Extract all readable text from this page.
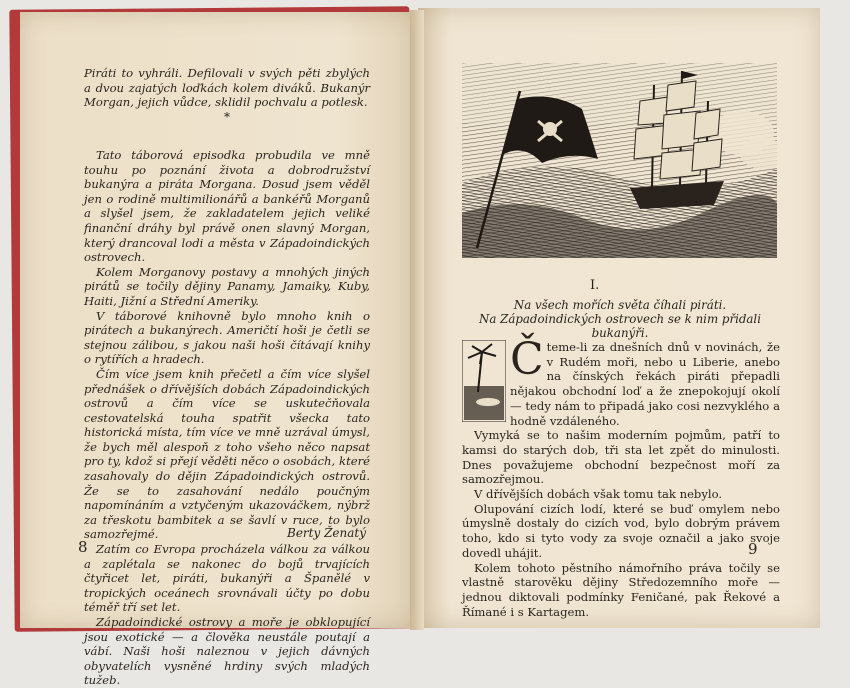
Piráti to vyhráli. Defilovali v svých pěti zbylých a dvou zajatých loďkách kolem diváků. Bukanýr Morgan, jejich vůdce, sklidil pochvalu a potlesk.

*

Tato táborová episodka probudila ve mně touhu po poznání života a dobrodružství bukanýra a piráta Morgana. Dosud jsem věděl jen o rodině multimilionářů a bankéřů Morganů a slyšel jsem, že zakladatelem jejich veliké finanční dráhy byl právě onen slavný Morgan, který drancoval lodi a města v Západoindických ostrovech.

Kolem Morganovy postavy a mnohých jiných pirátů se točily dějiny Panamy, Jamaiky, Kuby, Haiti, Jižní a Střední Ameriky.

V táborové knihovně bylo mnoho knih o pirátech a bukanýrech. Američtí hoši je četli se stejnou zálibou, s jakou naši hoši čítávají knihy o rytířích a hradech.

Čím více jsem knih přečetl a čím více slyšel přednášek o dřívějších dobách Západoindických ostrovů a čím více se uskutečňovala cestovatelská touha spatřit všecka tato historická místa, tím více ve mně uzrával úmysl, že bych měl alespoň z toho všeho něco napsat pro ty, kdož si přejí věděti něco o osobách, které zasahovaly do dějin Západoindických ostrovů. Že se to zasahování nedálo poučným napomínáním a vztyčeným ukazováčkem, nýbrž za třeskotu bambitek a se šavlí v ruce, to bylo samozřejmé.

Zatím co Evropa procházela válkou za válkou a zaplétala se nakonec do bojů trvajících čtyřicet let, piráti, bukanýři a Španělé v tropických oceánech srovnávali účty po dobu téměř tří set let.

Západoindické ostrovy a moře je obklopující jsou exotické — a člověka neustále poutají a vábí. Naši hoši naleznou v jejich dávných obyvatelích vysněné hrdiny svých mladých tužeb.

Berty Ženatý
8
I.
Na všech mořích světa číhali piráti.
Na Západoindických ostrovech se k nim přidali bukanýři.
Č teme-li za dnešních dnů v novinách, že v Rudém moři, nebo u Liberie, anebo na čínských řekách piráti přepadli nějakou obchodní loď a že znepokojují okolí — tedy nám to připadá jako cosi nezvyklého a hodně vzdáleného.

Vymyká se to našim moderním pojmům, patří to kamsi do starých dob, tři sta let zpět do minulosti. Dnes považujeme obchodní bezpečnost moří za samozřejmou.

V dřívějších dobách však tomu tak nebylo.

Olupování cizích lodí, které se buď omylem nebo úmyslně dostaly do cizích vod, bylo dobrým právem toho, kdo si tyto vody za svoje označil a jako svoje dovedl uhájit.

Kolem tohoto pěstního námořního práva točily se vlastně starověku dějiny Středozemního moře — jednou diktovali podmínky Feničané, pak Řekové a Římané i s Kartagem.

9
